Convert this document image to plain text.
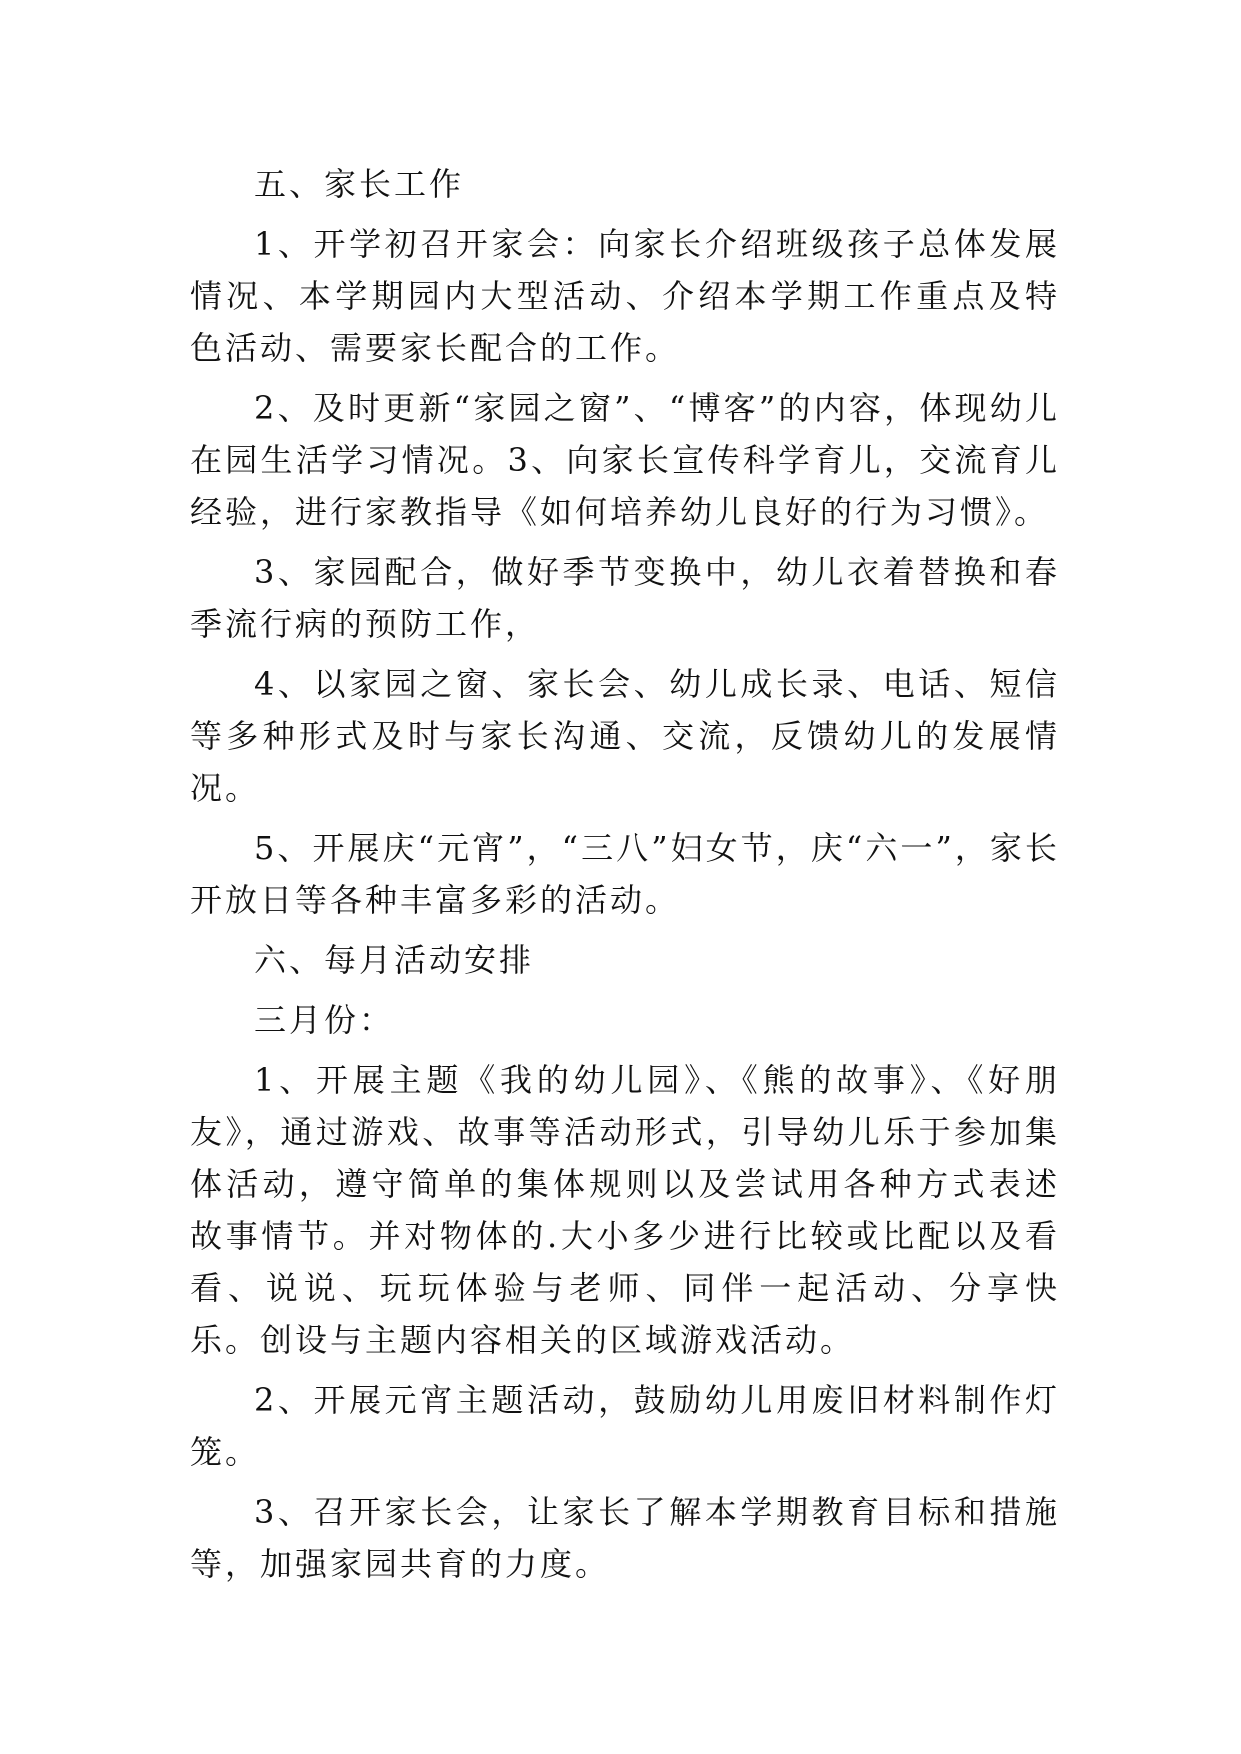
五、家长工作

1、开学初召开家会：向家长介绍班级孩子总体发展情况、本学期园内大型活动、介绍本学期工作重点及特色活动、需要家长配合的工作。

2、及时更新“家园之窗”、“博客”的内容，体现幼儿在园生活学习情况。3、向家长宣传科学育儿，交流育儿经验，进行家教指导《如何培养幼儿良好的行为习惯》。

3、家园配合，做好季节变换中，幼儿衣着替换和春季流行病的预防工作，

4、以家园之窗、家长会、幼儿成长录、电话、短信等多种形式及时与家长沟通、交流，反馈幼儿的发展情况。

5、开展庆“元宵”，“三八”妇女节，庆“六一”，家长开放日等各种丰富多彩的活动。

六、每月活动安排

三月份：

1、开展主题《我的幼儿园》、《熊的故事》、《好朋友》，通过游戏、故事等活动形式，引导幼儿乐于参加集体活动，遵守简单的集体规则以及尝试用各种方式表述故事情节。并对物体的.大小多少进行比较或比配以及看看、说说、玩玩体验与老师、同伴一起活动、分享快乐。创设与主题内容相关的区域游戏活动。

2、开展元宵主题活动，鼓励幼儿用废旧材料制作灯笼。

3、召开家长会，让家长了解本学期教育目标和措施等，加强家园共育的力度。
